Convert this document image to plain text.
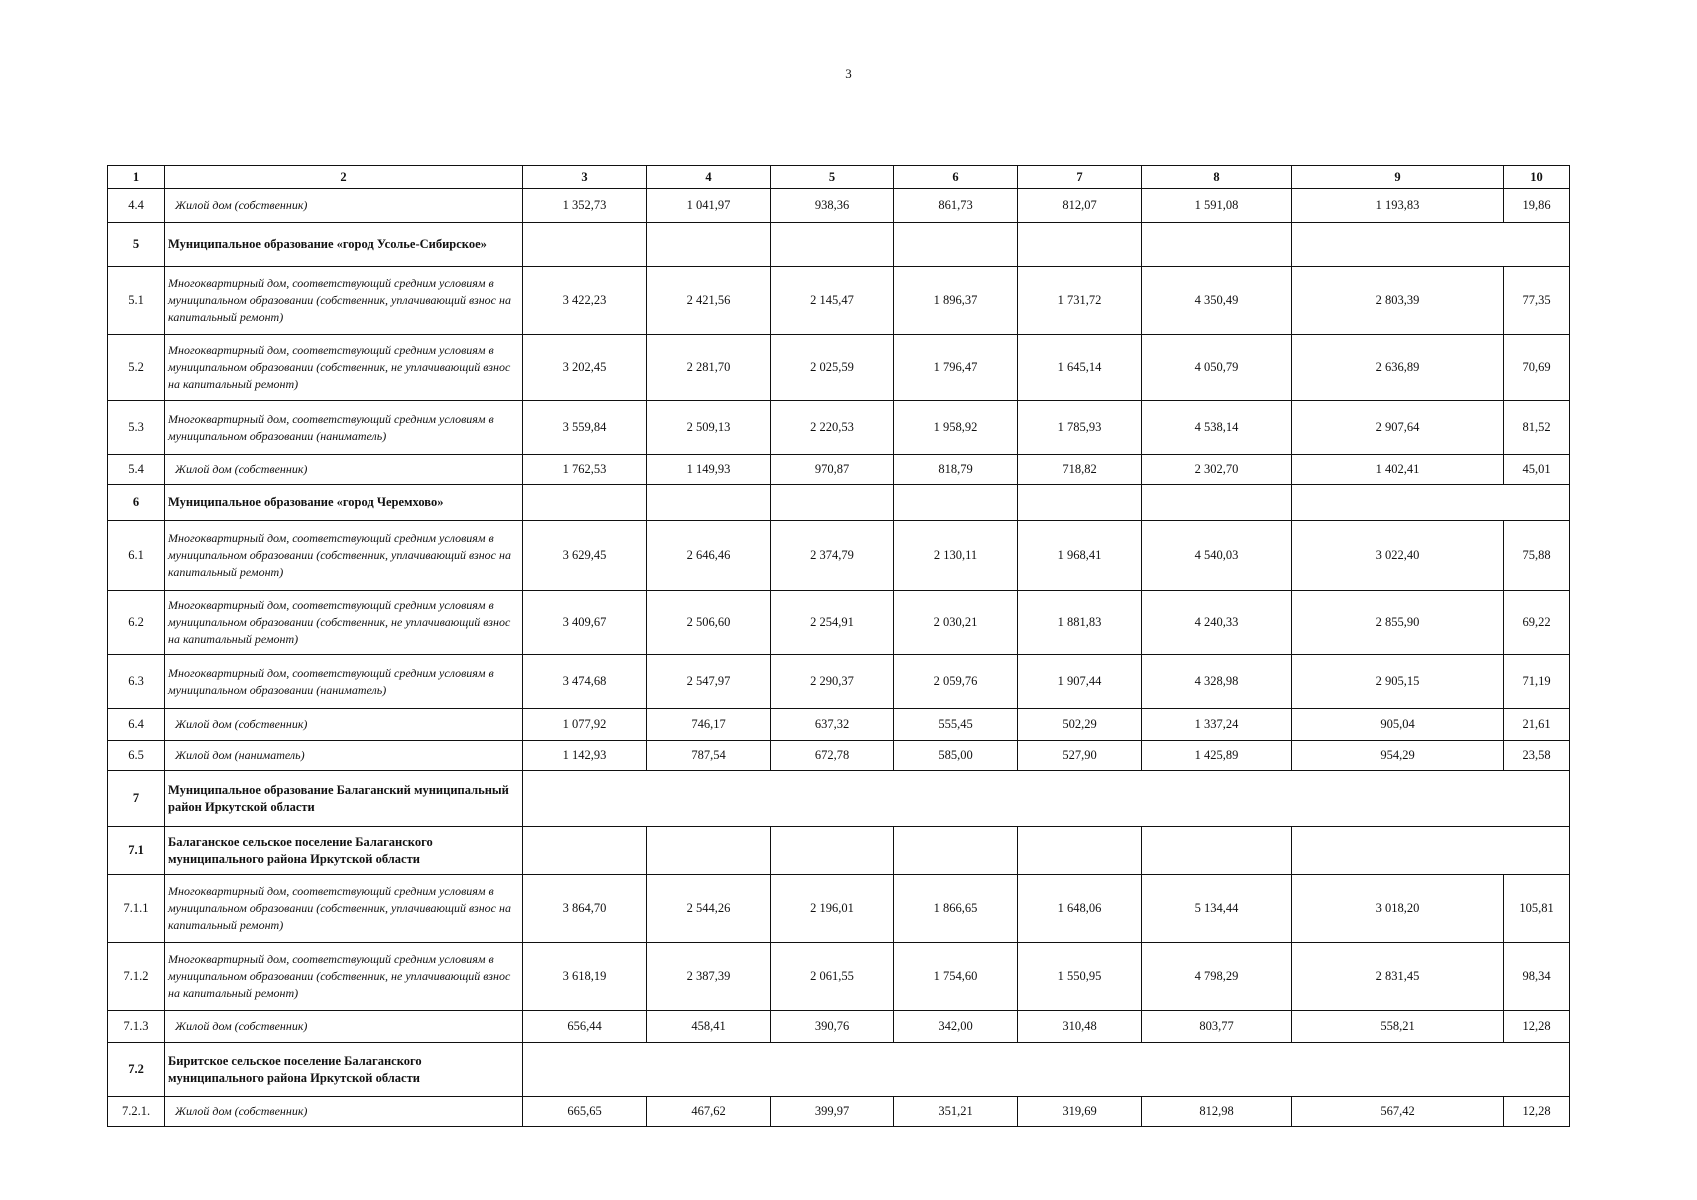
3
1	2	3	4	5	6	7	8	9	10
4.4	Жилой дом (собственник)	1 352,73	1 041,97	938,36	861,73	812,07	1 591,08	1 193,83	19,86
5	Муниципальное образование «город Усолье-Сибирское»								
5.1	Многоквартирный дом, соответствующий средним условиям в муниципальном образовании (собственник, уплачивающий взнос на капитальный ремонт)	3 422,23	2 421,56	2 145,47	1 896,37	1 731,72	4 350,49	2 803,39	77,35
5.2	Многоквартирный дом, соответствующий средним условиям в муниципальном образовании (собственник, не уплачивающий взнос на капитальный ремонт)	3 202,45	2 281,70	2 025,59	1 796,47	1 645,14	4 050,79	2 636,89	70,69
5.3	Многоквартирный дом, соответствующий средним условиям в муниципальном образовании (наниматель)	3 559,84	2 509,13	2 220,53	1 958,92	1 785,93	4 538,14	2 907,64	81,52
5.4	Жилой дом (собственник)	1 762,53	1 149,93	970,87	818,79	718,82	2 302,70	1 402,41	45,01
6	Муниципальное образование «город Черемхово»								
6.1	Многоквартирный дом, соответствующий средним условиям в муниципальном образовании (собственник, уплачивающий взнос на капитальный ремонт)	3 629,45	2 646,46	2 374,79	2 130,11	1 968,41	4 540,03	3 022,40	75,88
6.2	Многоквартирный дом, соответствующий средним условиям в муниципальном образовании (собственник, не уплачивающий взнос на капитальный ремонт)	3 409,67	2 506,60	2 254,91	2 030,21	1 881,83	4 240,33	2 855,90	69,22
6.3	Многоквартирный дом, соответствующий средним условиям в муниципальном образовании (наниматель)	3 474,68	2 547,97	2 290,37	2 059,76	1 907,44	4 328,98	2 905,15	71,19
6.4	Жилой дом (собственник)	1 077,92	746,17	637,32	555,45	502,29	1 337,24	905,04	21,61
6.5	Жилой дом (наниматель)	1 142,93	787,54	672,78	585,00	527,90	1 425,89	954,29	23,58
7	Муниципальное образование Балаганский муниципальный район Иркутской области								
7.1	Балаганское сельское поселение Балаганского муниципального района Иркутской области								
7.1.1	Многоквартирный дом, соответствующий средним условиям в муниципальном образовании (собственник, уплачивающий взнос на капитальный ремонт)	3 864,70	2 544,26	2 196,01	1 866,65	1 648,06	5 134,44	3 018,20	105,81
7.1.2	Многоквартирный дом, соответствующий средним условиям в муниципальном образовании (собственник, не уплачивающий взнос на капитальный ремонт)	3 618,19	2 387,39	2 061,55	1 754,60	1 550,95	4 798,29	2 831,45	98,34
7.1.3	Жилой дом (собственник)	656,44	458,41	390,76	342,00	310,48	803,77	558,21	12,28
7.2	Биритское сельское поселение Балаганского муниципального района Иркутской области								
7.2.1.	Жилой дом (собственник)	665,65	467,62	399,97	351,21	319,69	812,98	567,42	12,28
